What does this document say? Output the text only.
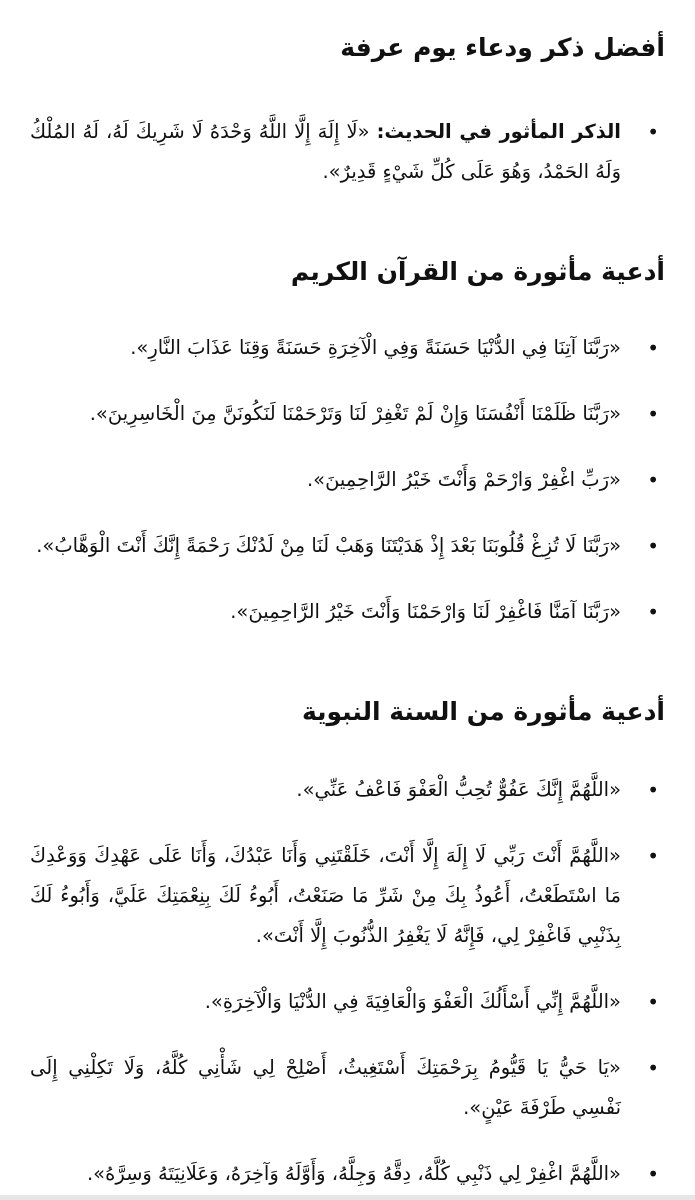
أفضل ذكر ودعاء يوم عرفة
•
الذكر المأثور في الحديث: «لَا إِلَهَ إِلَّا اللَّهُ وَحْدَهُ لَا شَرِيكَ لَهُ، لَهُ المُلْكُ وَلَهُ الحَمْدُ، وَهُوَ عَلَى كُلِّ شَيْءٍ قَدِيرٌ».
أدعية مأثورة من القرآن الكريم
•
«رَبَّنَا آتِنَا فِي الدُّنْيَا حَسَنَةً وَفِي الْآخِرَةِ حَسَنَةً وَقِنَا عَذَابَ النَّارِ».
•
«رَبَّنَا ظَلَمْنَا أَنْفُسَنَا وَإِنْ لَمْ تَغْفِرْ لَنَا وَتَرْحَمْنَا لَنَكُونَنَّ مِنَ الْخَاسِرِينَ».
•
«رَبِّ اغْفِرْ وَارْحَمْ وَأَنْتَ خَيْرُ الرَّاحِمِينَ».
•
«رَبَّنَا لَا تُزِغْ قُلُوبَنَا بَعْدَ إِذْ هَدَيْتَنَا وَهَبْ لَنَا مِنْ لَدُنْكَ رَحْمَةً إِنَّكَ أَنْتَ الْوَهَّابُ».
•
«رَبَّنَا آمَنَّا فَاغْفِرْ لَنَا وَارْحَمْنَا وَأَنْتَ خَيْرُ الرَّاحِمِينَ».
أدعية مأثورة من السنة النبوية
•
«اللَّهُمَّ إِنَّكَ عَفُوٌّ تُحِبُّ الْعَفْوَ فَاعْفُ عَنِّي».
•
«اللَّهُمَّ أَنْتَ رَبِّي لَا إِلَهَ إِلَّا أَنْتَ، خَلَقْتَنِي وَأَنَا عَبْدُكَ، وَأَنَا عَلَى عَهْدِكَ وَوَعْدِكَ مَا اسْتَطَعْتُ، أَعُوذُ بِكَ مِنْ شَرِّ مَا صَنَعْتُ، أَبُوءُ لَكَ بِنِعْمَتِكَ عَلَيَّ، وَأَبُوءُ لَكَ بِذَنْبِي فَاغْفِرْ لِي، فَإِنَّهُ لَا يَغْفِرُ الذُّنُوبَ إِلَّا أَنْتَ».
•
«اللَّهُمَّ إِنِّي أَسْأَلُكَ الْعَفْوَ وَالْعَافِيَةَ فِي الدُّنْيَا وَالْآخِرَةِ».
•
«يَا حَيُّ يَا قَيُّومُ بِرَحْمَتِكَ أَسْتَغِيثُ، أَصْلِحْ لِي شَأْنِي كُلَّهُ، وَلَا تَكِلْنِي إِلَى نَفْسِي طَرْفَةَ عَيْنٍ».
•
«اللَّهُمَّ اغْفِرْ لِي ذَنْبِي كُلَّهُ، دِقَّهُ وَجِلَّهُ، وَأَوَّلَهُ وَآخِرَهُ، وَعَلَانِيَتَهُ وَسِرَّهُ».
